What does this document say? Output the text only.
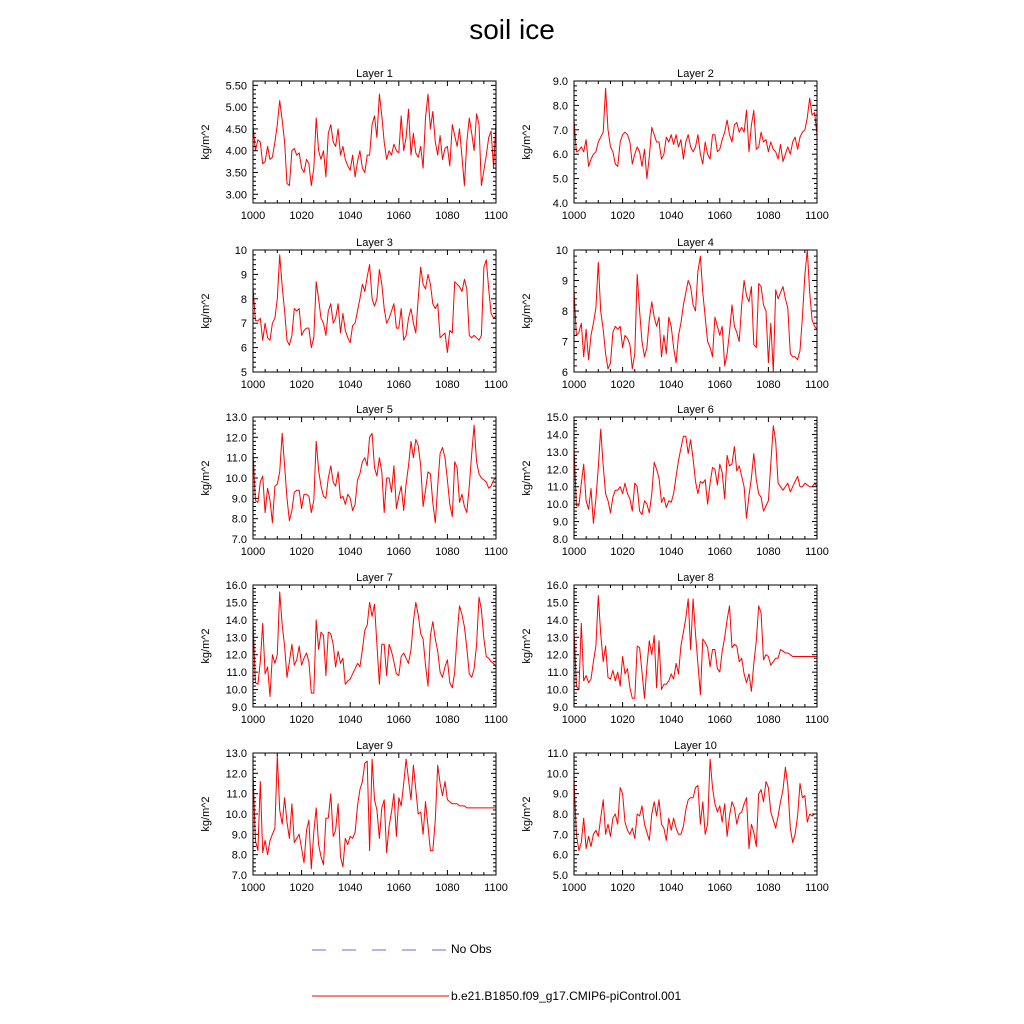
soil ice
Layer 1
kg/m^2
1000 1020 1040 1060 1080 1100
3.00
3.50
4.00
4.50
5.00
5.50
Layer 2
kg/m^2
1000 1020 1040 1060 1080 1100
4.0
5.0
6.0
7.0
8.0
9.0
Layer 3
kg/m^2
1000 1020 1040 1060 1080 1100
5
6
7
8
9
10
Layer 4
kg/m^2
1000 1020 1040 1060 1080 1100
6
7
8
9
10
Layer 5
kg/m^2
1000 1020 1040 1060 1080 1100
7.0
8.0
9.0
10.0
11.0
12.0
13.0
Layer 6
kg/m^2
1000 1020 1040 1060 1080 1100
8.0
9.0
10.0
11.0
12.0
13.0
14.0
15.0
Layer 7
kg/m^2
1000 1020 1040 1060 1080 1100
9.0
10.0
11.0
12.0
13.0
14.0
15.0
16.0
Layer 8
kg/m^2
1000 1020 1040 1060 1080 1100
9.0
10.0
11.0
12.0
13.0
14.0
15.0
16.0
Layer 9
kg/m^2
1000 1020 1040 1060 1080 1100
7.0
8.0
9.0
10.0
11.0
12.0
13.0
Layer 10
kg/m^2
1000 1020 1040 1060 1080 1100
5.0
6.0
7.0
8.0
9.0
10.0
11.0
No Obs
b.e21.B1850.f09_g17.CMIP6-piControl.001
